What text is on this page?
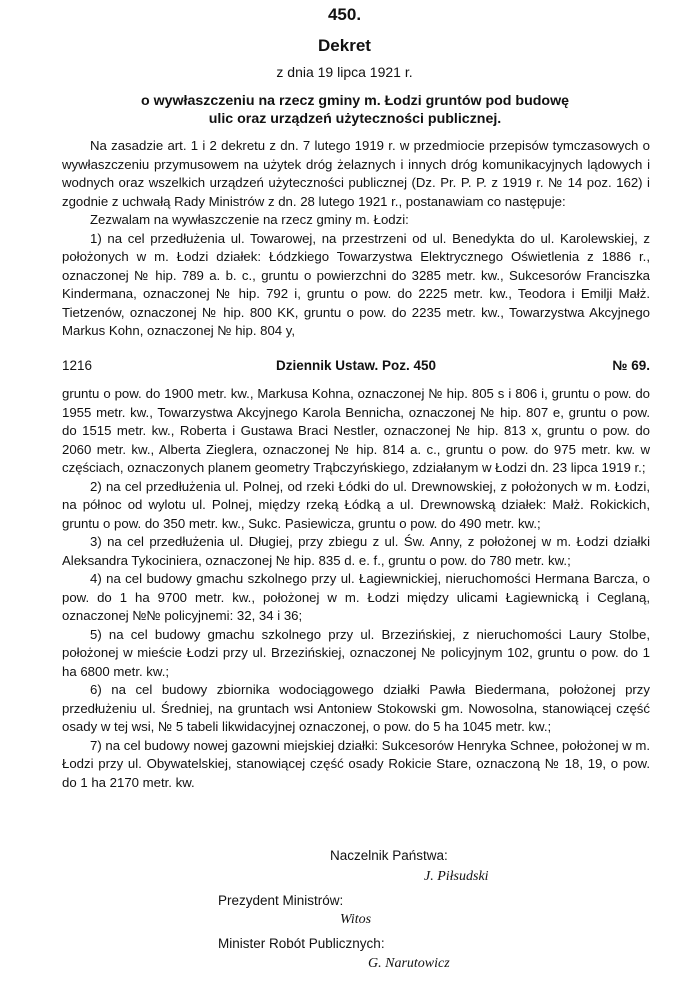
450.
Dekret
z dnia 19 lipca 1921 r.
o wywłaszczeniu na rzecz gminy m. Łodzi gruntów pod budowę
ulic oraz urządzeń użyteczności publicznej.

Na zasadzie art. 1 i 2 dekretu z dn. 7 lutego 1919 r. w przedmiocie przepisów tymczasowych o wywłaszczeniu przymusowem na użytek dróg żelaznych i innych dróg komunikacyjnych lądowych i wodnych oraz wszelkich urządzeń użyteczności publicznej (Dz. Pr. P. P. z 1919 r. № 14 poz. 162) i zgodnie z uchwałą Rady Ministrów z dn. 28 lutego 1921 r., postanawiam co następuje:

Zezwalam na wywłaszczenie na rzecz gminy m. Łodzi:

1) na cel przedłużenia ul. Towarowej, na przestrzeni od ul. Benedykta do ul. Karolewskiej, z położonych w m. Łodzi działek: Łódzkiego Towarzystwa Elektrycznego Oświetlenia z 1886 r., oznaczonej № hip. 789 a. b. c., gruntu o powierzchni do 3285 metr. kw., Sukcesorów Franciszka Kindermana, oznaczonej № hip. 792 i, gruntu o pow. do 2225 metr. kw., Teodora i Emilji Małż. Tietzenów, oznaczonej № hip. 800 KK, gruntu o pow. do 2235 metr. kw., Towarzystwa Akcyjnego Markus Kohn, oznaczonej № hip. 804 y,

1216	Dziennik Ustaw. Poz. 450	№ 69.

gruntu o pow. do 1900 metr. kw., Markusa Kohna, oznaczonej № hip. 805 s i 806 i, gruntu o pow. do 1955 metr. kw., Towarzystwa Akcyjnego Karola Bennicha, oznaczonej № hip. 807 e, gruntu o pow. do 1515 metr. kw., Roberta i Gustawa Braci Nestler, oznaczonej № hip. 813 x, gruntu o pow. do 2060 metr. kw., Alberta Zieglera, oznaczonej № hip. 814 a. c., gruntu o pow. do 975 metr. kw. w częściach, oznaczonych planem geometry Trąbczyńskiego, zdziałanym w Łodzi dn. 23 lipca 1919 r.;

2) na cel przedłużenia ul. Polnej, od rzeki Łódki do ul. Drewnowskiej, z położonych w m. Łodzi, na północ od wylotu ul. Polnej, między rzeką Łódką a ul. Drewnowską działek: Małż. Rokickich, gruntu o pow. do 350 metr. kw., Sukc. Pasiewicza, gruntu o pow. do 490 metr. kw.;

3) na cel przedłużenia ul. Długiej, przy zbiegu z ul. Św. Anny, z położonej w m. Łodzi działki Aleksandra Tykociniera, oznaczonej № hip. 835 d. e. f., gruntu o pow. do 780 metr. kw.;

4) na cel budowy gmachu szkolnego przy ul. Łagiewnickiej, nieruchomości Hermana Barcza, o pow. do 1 ha 9700 metr. kw., położonej w m. Łodzi między ulicami Łagiewnicką i Ceglaną, oznaczonej №№ policyjnemi: 32, 34 i 36;

5) na cel budowy gmachu szkolnego przy ul. Brzezińskiej, z nieruchomości Laury Stolbe, położonej w mieście Łodzi przy ul. Brzezińskiej, oznaczonej № policyjnym 102, gruntu o pow. do 1 ha 6800 metr. kw.;

6) na cel budowy zbiornika wodociągowego działki Pawła Biedermana, położonej przy przedłużeniu ul. Średniej, na gruntach wsi Antoniew Stokowski gm. Nowosolna, stanowiącej część osady w tej wsi, № 5 tabeli likwidacyjnej oznaczonej, o pow. do 5 ha 1045 metr. kw.;

7) na cel budowy nowej gazowni miejskiej działki: Sukcesorów Henryka Schnee, położonej w m. Łodzi przy ul. Obywatelskiej, stanowiącej część osady Rokicie Stare, oznaczoną № 18, 19, o pow. do 1 ha 2170 metr. kw.

Naczelnik Państwa:
J. Piłsudski
Prezydent Ministrów:
Witos
Minister Robót Publicznych:
G. Narutowicz
